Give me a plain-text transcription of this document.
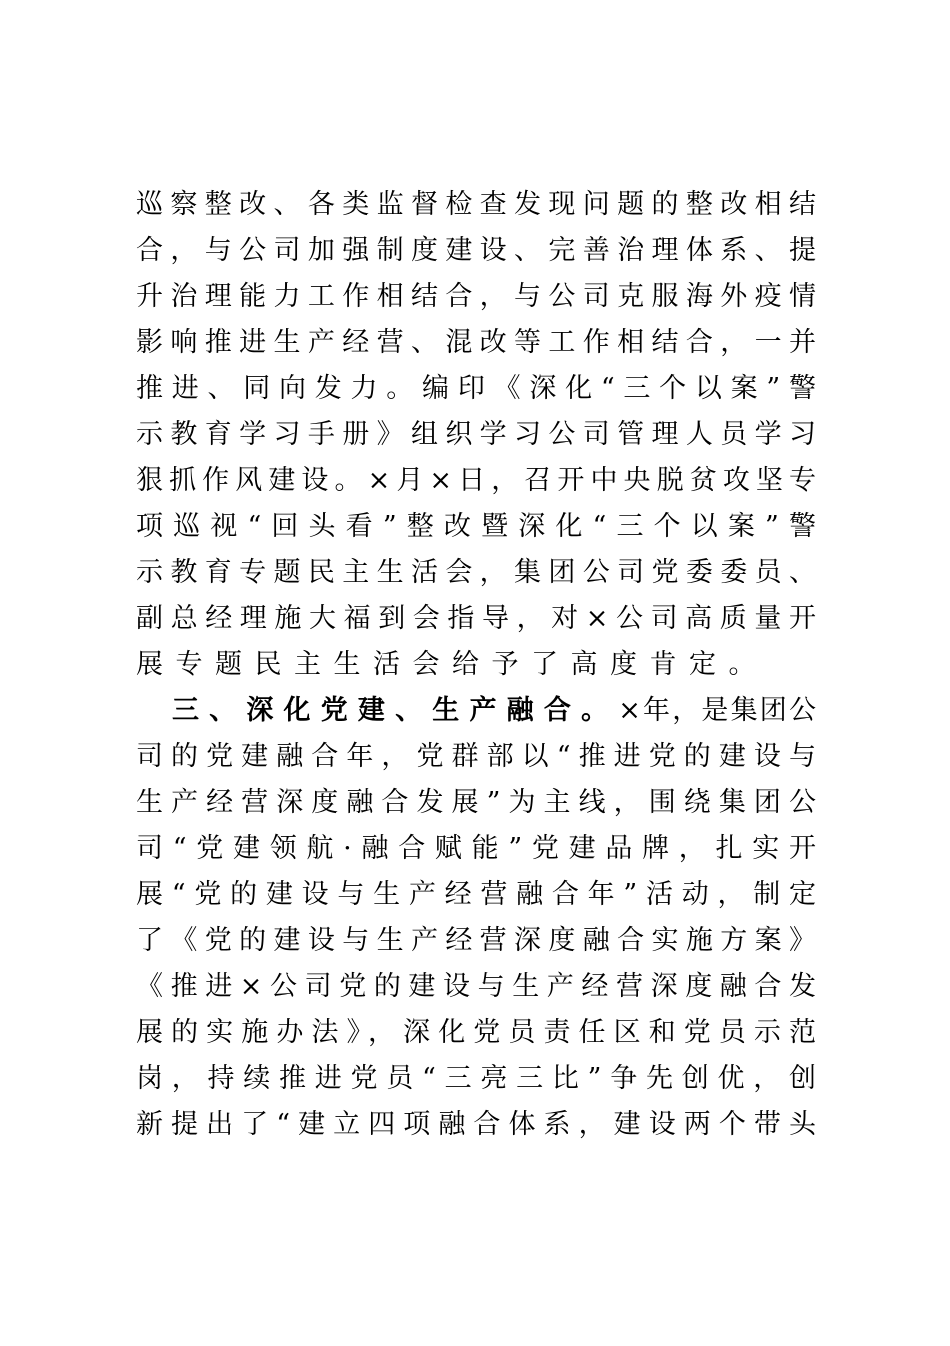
巡察整改、各类监督检查发现问题的整改相结
合，与公司加强制度建设、完善治理体系、提
升治理能力工作相结合，与公司克服海外疫情
影响推进生产经营、混改等工作相结合，一并
推进、同向发力。编印《深化“三个以案”警
示教育学习手册》组织学习公司管理人员学习
狠抓作风建设。×月×日，召开中央脱贫攻坚专
项巡视“回头看”整改暨深化“三个以案”警
示教育专题民主生活会，集团公司党委委员、
副总经理施大福到会指导，对×公司高质量开
展专题民主生活会给予了高度肯定。
三、深化党建、生产融合。×年，是集团公
司的党建融合年，党群部以“推进党的建设与
生产经营深度融合发展”为主线，围绕集团公
司“党建领航·融合赋能”党建品牌，扎实开
展“党的建设与生产经营融合年”活动，制定
了《党的建设与生产经营深度融合实施方案》
《推进×公司党的建设与生产经营深度融合发
展的实施办法》，深化党员责任区和党员示范
岗，持续推进党员“三亮三比”争先创优，创
新提出了“建立四项融合体系，建设两个带头
